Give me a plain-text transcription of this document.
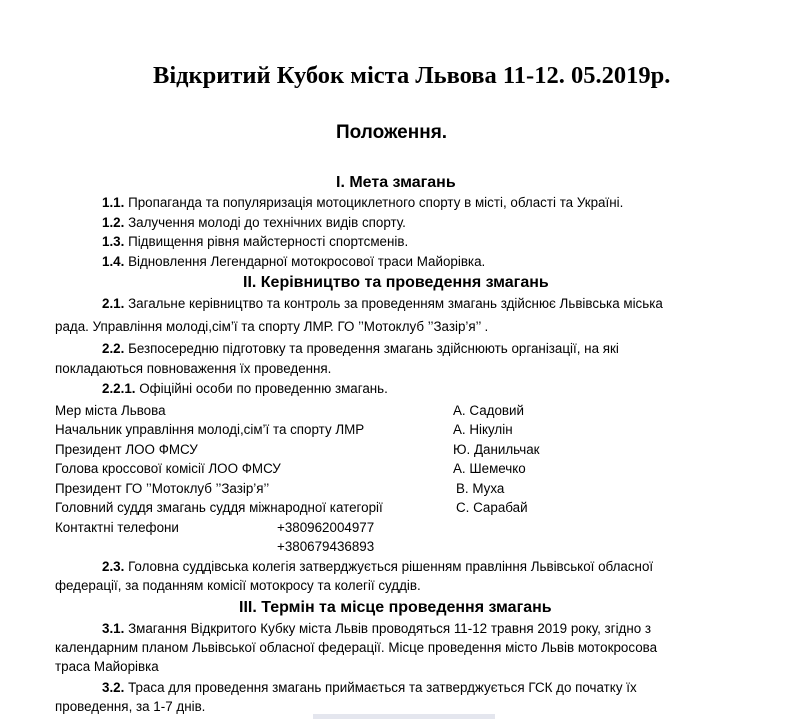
Відкритий Кубок міста Львова 11-12. 05.2019р.
Положення.
I. Мета змагань
1.1. Пропаганда та популяризація мотоциклетного спорту в місті, області та Україні.
1.2. Залучення молоді до технічних видів спорту.
1.3. Підвищення рівня майстерності спортсменів.
1.4. Відновлення Легендарної мотокросової траси Майорівка.
II. Керівництво та проведення змагань
2.1. Загальне керівництво та контроль за проведенням змагань здійснює Львівська міська
рада. Управління молоді,сім’ї та спорту ЛМР. ГО ’’Мотоклуб ’’Зазір’я’’ .
2.2. Безпосередню підготовку та проведення змагань здійснюють організації, на які
покладаються повноваження їх проведення.
2.2.1. Офіційні особи по проведенню змагань.
Мер міста Львова	А. Садовий
Начальник управління молоді,сім’ї та спорту ЛМР	А. Нікулін
Президент ЛОО ФМСУ	Ю. Данильчак
Голова кроссової комісії ЛОО ФМСУ	А. Шемечко
Президент ГО ’’Мотоклуб ’’Зазір’я’’	В. Муха
Головний суддя змагань суддя міжнародної категорії	С. Сарабай
Контактні телефони	+380962004977
+380679436893
2.3. Головна суддівська колегія затверджується рішенням правління Львівської обласної
федерації, за поданням комісії мотокросу та колегії суддів.
III. Термін та місце проведення змагань
3.1. Змагання Відкритого Кубку міста Львів проводяться 11-12 травня 2019 року, згідно з
календарним планом Львівської обласної федерації. Місце проведення місто Львів мотокросова
траса Майорівка
3.2. Траса для проведення змагань приймається та затверджується ГСК до початку їх
проведення, за 1-7 днів.
